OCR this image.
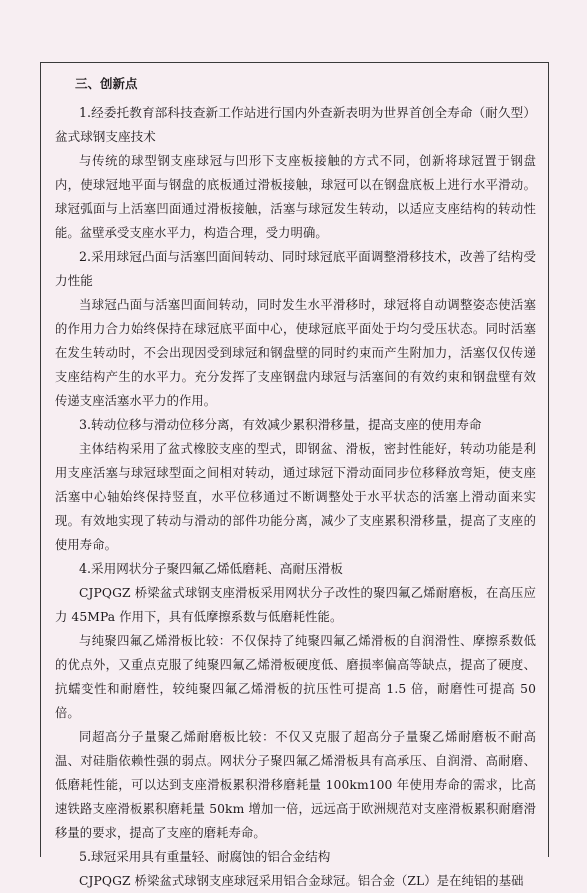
三、创新点

1.经委托教育部科技查新工作站进行国内外查新表明为世界首创全寿命（耐久型）盆式球钢支座技术

与传统的球型钢支座球冠与凹形下支座板接触的方式不同，创新将球冠置于钢盘内，使球冠地平面与钢盘的底板通过滑板接触，球冠可以在钢盘底板上进行水平滑动。球冠弧面与上活塞凹面通过滑板接触，活塞与球冠发生转动，以适应支座结构的转动性能。盆壁承受支座水平力，构造合理，受力明确。

2.采用球冠凸面与活塞凹面间转动、同时球冠底平面调整滑移技术，改善了结构受力性能

当球冠凸面与活塞凹面间转动，同时发生水平滑移时，球冠将自动调整姿态使活塞的作用力合力始终保持在球冠底平面中心，使球冠底平面处于均匀受压状态。同时活塞在发生转动时，不会出现因受到球冠和钢盘壁的同时约束而产生附加力，活塞仅仅传递支座结构产生的水平力。充分发挥了支座钢盘内球冠与活塞间的有效约束和钢盘壁有效传递支座活塞水平力的作用。

3.转动位移与滑动位移分离，有效减少累积滑移量，提高支座的使用寿命

主体结构采用了盆式橡胶支座的型式，即钢盆、滑板，密封性能好，转动功能是利用支座活塞与球冠球型面之间相对转动，通过球冠下滑动面同步位移释放弯矩，使支座活塞中心轴始终保持竖直，水平位移通过不断调整处于水平状态的活塞上滑动面来实现。有效地实现了转动与滑动的部件功能分离，减少了支座累积滑移量，提高了支座的使用寿命。

4.采用网状分子聚四氟乙烯低磨耗、高耐压滑板

CJPQGZ 桥梁盆式球钢支座滑板采用网状分子改性的聚四氟乙烯耐磨板，在高压应力 45MPa 作用下，具有低摩擦系数与低磨耗性能。

与纯聚四氟乙烯滑板比较：不仅保持了纯聚四氟乙烯滑板的自润滑性、摩擦系数低的优点外，又重点克服了纯聚四氟乙烯滑板硬度低、磨损率偏高等缺点，提高了硬度、抗蠕变性和耐磨性，较纯聚四氟乙烯滑板的抗压性可提高 1.5 倍，耐磨性可提高 50 倍。

同超高分子量聚乙烯耐磨板比较：不仅又克服了超高分子量聚乙烯耐磨板不耐高温、对硅脂依赖性强的弱点。网状分子聚四氟乙烯滑板具有高承压、自润滑、高耐磨、低磨耗性能，可以达到支座滑板累积滑移磨耗量 100km100 年使用寿命的需求，比高速铁路支座滑板累积磨耗量 50km 增加一倍，远远高于欧洲规范对支座滑板累积耐磨滑移量的要求，提高了支座的磨耗寿命。

5.球冠采用具有重量轻、耐腐蚀的铝合金结构

CJPQGZ 桥梁盆式球钢支座球冠采用铝合金球冠。铝合金（ZL）是在纯铝的基础
